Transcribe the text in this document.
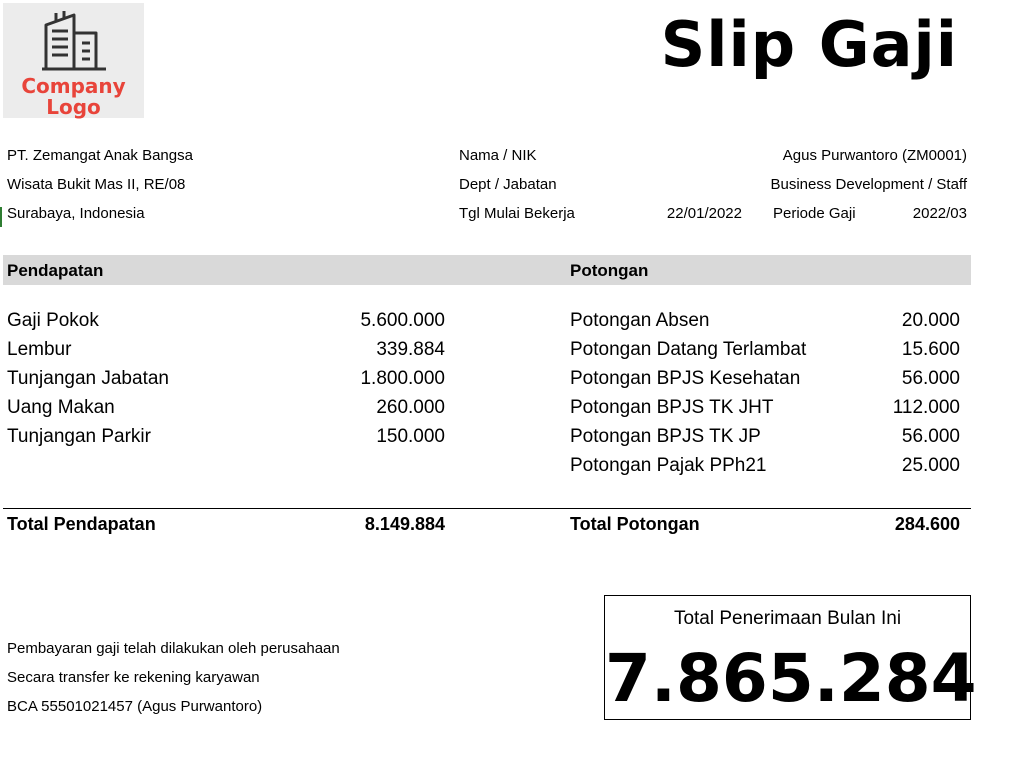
Company
Logo
Slip Gaji
PT. Zemangat Anak Bangsa
Wisata Bukit Mas II, RE/08
Surabaya, Indonesia
Nama / NIK	Agus Purwantoro (ZM0001)
Dept / Jabatan	Business Development / Staff
Tgl Mulai Bekerja	22/01/2022 Periode Gaji	2022/03
Pendapatan	Potongan
Gaji Pokok	5.600.000
Lembur	339.884
Tunjangan Jabatan	1.800.000
Uang Makan	260.000
Tunjangan Parkir	150.000
Potongan Absen	20.000
Potongan Datang Terlambat	15.600
Potongan BPJS Kesehatan	56.000
Potongan BPJS TK JHT	112.000
Potongan BPJS TK JP	56.000
Potongan Pajak PPh21	25.000
Total Pendapatan	8.149.884	Total Potongan	284.600
Pembayaran gaji telah dilakukan oleh perusahaan
Secara transfer ke rekening karyawan
BCA 55501021457 (Agus Purwantoro)
Total Penerimaan Bulan Ini
7.865.284
